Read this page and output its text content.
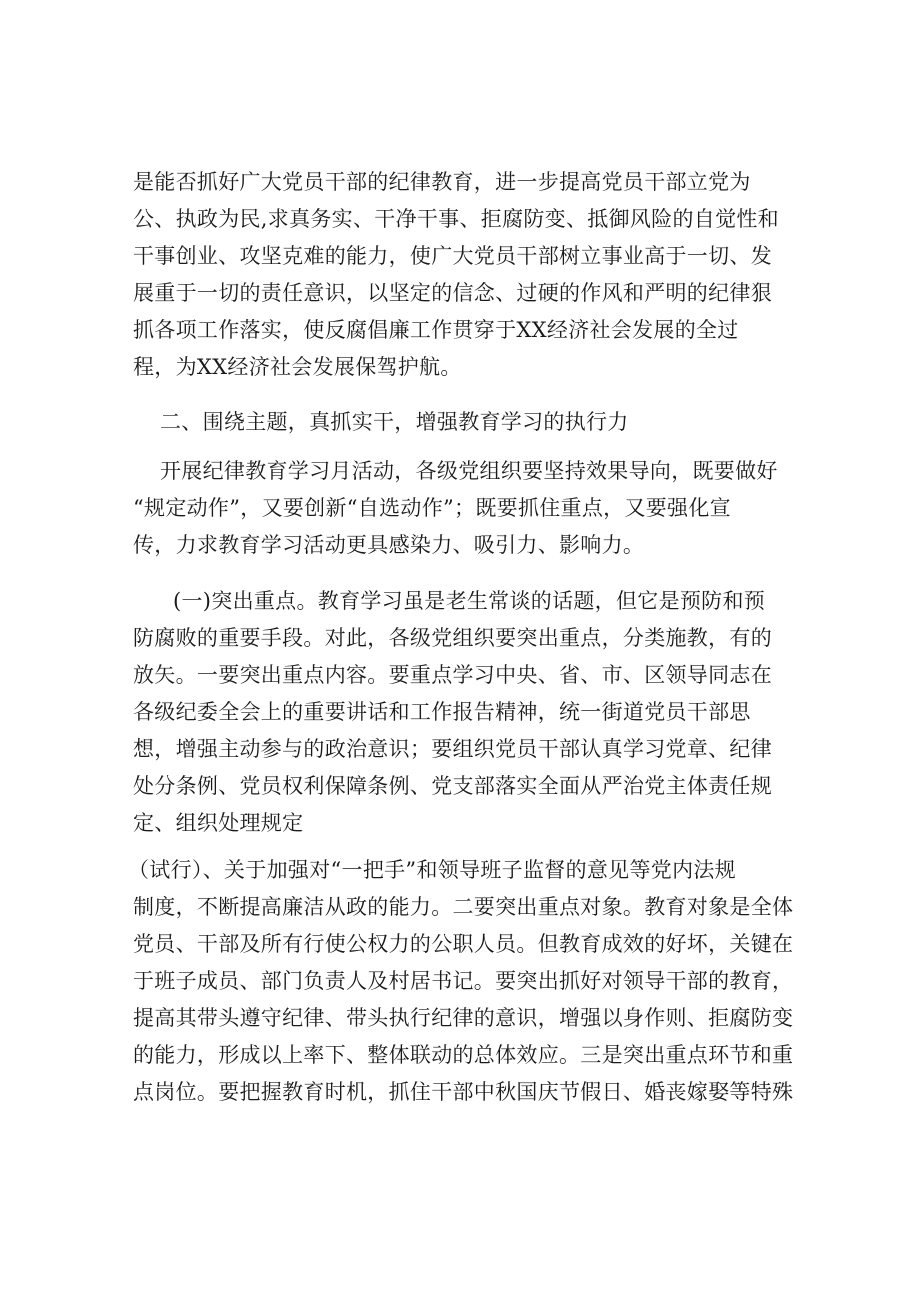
是能否抓好广大党员干部的纪律教育，进一步提高党员干部立党为
公、执政为民,求真务实、干净干事、拒腐防变、抵御风险的自觉性和
干事创业、攻坚克难的能力，使广大党员干部树立事业高于一切、发
展重于一切的责任意识，以坚定的信念、过硬的作风和严明的纪律狠
抓各项工作落实，使反腐倡廉工作贯穿于XX经济社会发展的全过
程，为XX经济社会发展保驾护航。
二、围绕主题，真抓实干，增强教育学习的执行力
开展纪律教育学习月活动，各级党组织要坚持效果导向，既要做好
“规定动作”，又要创新“自选动作”；既要抓住重点，又要强化宣
传，力求教育学习活动更具感染力、吸引力、影响力。
(一)突出重点。教育学习虽是老生常谈的话题，但它是预防和预
防腐败的重要手段。对此，各级党组织要突出重点，分类施教，有的
放矢。一要突出重点内容。要重点学习中央、省、市、区领导同志在
各级纪委全会上的重要讲话和工作报告精神，统一街道党员干部思
想，增强主动参与的政治意识；要组织党员干部认真学习党章、纪律
处分条例、党员权利保障条例、党支部落实全面从严治党主体责任规
定、组织处理规定
（试行）、关于加强对“一把手”和领导班子监督的意见等党内法规
制度，不断提高廉洁从政的能力。二要突出重点对象。教育对象是全体
党员、干部及所有行使公权力的公职人员。但教育成效的好坏，关键在
于班子成员、部门负责人及村居书记。要突出抓好对领导干部的教育，
提高其带头遵守纪律、带头执行纪律的意识，增强以身作则、拒腐防变
的能力，形成以上率下、整体联动的总体效应。三是突出重点环节和重
点岗位。要把握教育时机，抓住干部中秋国庆节假日、婚丧嫁娶等特殊
